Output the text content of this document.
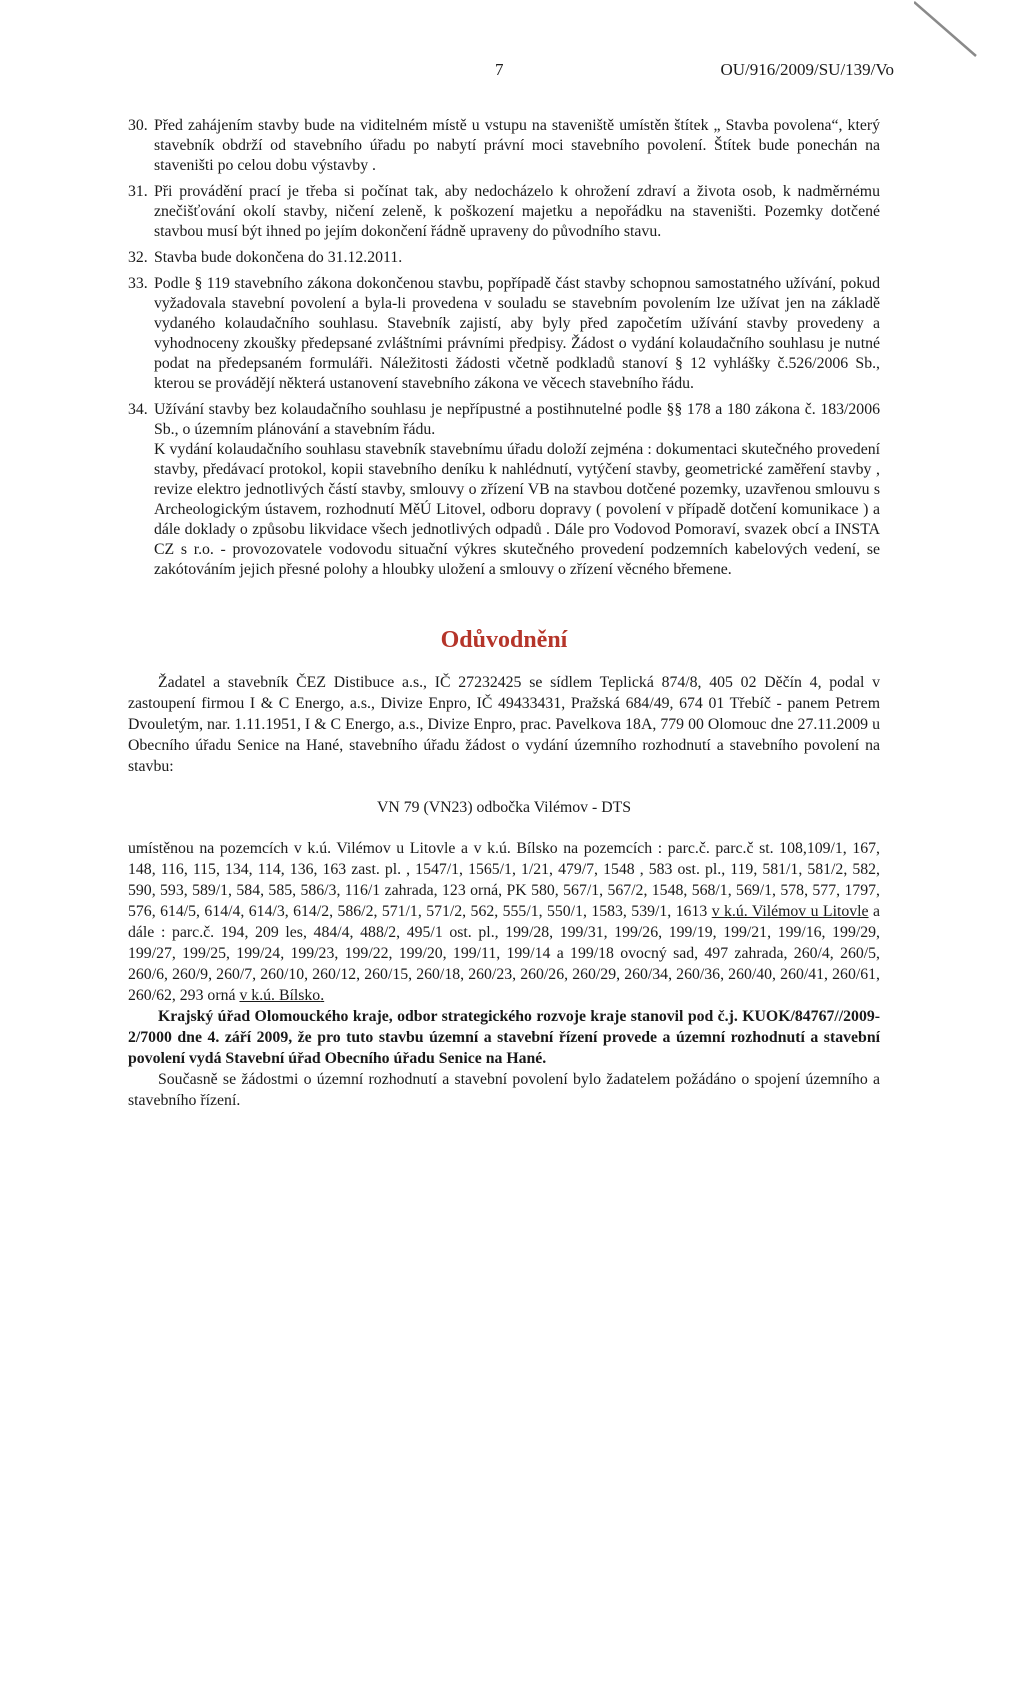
7	OU/916/2009/SU/139/Vo
30. Před zahájením stavby bude na viditelném místě u vstupu na staveniště umístěn štítek „ Stavba povolena“, který stavebník obdrží od stavebního úřadu po nabytí právní moci stavebního povolení. Štítek bude ponechán na staveništi po celou dobu výstavby .

31. Při provádění prací je třeba si počínat tak, aby nedocházelo k ohrožení zdraví a života osob, k nadměrnému znečišťování okolí stavby, ničení zeleně, k poškození majetku a nepořádku na staveništi. Pozemky dotčené stavbou musí být ihned po jejím dokončení řádně upraveny do původního stavu.

32. Stavba bude dokončena do 31.12.2011.

33. Podle § 119 stavebního zákona dokončenou stavbu, popřípadě část stavby schopnou samostatného užívání, pokud vyžadovala stavební povolení a byla-li provedena v souladu se stavebním povolením lze užívat jen na základě vydaného kolaudačního souhlasu. Stavebník zajistí, aby byly před započetím užívání stavby provedeny a vyhodnoceny zkoušky předepsané zvláštními právními předpisy. Žádost o vydání kolaudačního souhlasu je nutné podat na předepsaném formuláři. Náležitosti žádosti včetně podkladů stanoví § 12 vyhlášky č.526/2006 Sb., kterou se provádějí některá ustanovení stavebního zákona ve věcech stavebního řádu.

34. Užívání stavby bez kolaudačního souhlasu je nepřípustné a postihnutelné podle §§ 178 a 180 zákona č. 183/2006 Sb., o územním plánování a stavebním řádu.

K vydání kolaudačního souhlasu stavebník stavebnímu úřadu doloží zejména : dokumentaci skutečného provedení stavby, předávací protokol, kopii stavebního deníku k nahlédnutí, vytýčení stavby, geometrické zaměření stavby , revize elektro jednotlivých částí stavby, smlouvy o zřízení VB na stavbou dotčené pozemky, uzavřenou smlouvu s Archeologickým ústavem, rozhodnutí MěÚ Litovel, odboru dopravy ( povolení v případě dotčení komunikace ) a dále doklady o způsobu likvidace všech jednotlivých odpadů . Dále pro Vodovod Pomoraví, svazek obcí a INSTA CZ s r.o. - provozovatele vodovodu situační výkres skutečného provedení podzemních kabelových vedení, se zakótováním jejich přesné polohy a hloubky uložení a smlouvy o zřízení věcného břemene.

Odůvodnění

Žadatel a stavebník ČEZ Distibuce a.s., IČ 27232425 se sídlem Teplická 874/8, 405 02 Děčín 4, podal v zastoupení firmou I & C Energo, a.s., Divize Enpro, IČ 49433431, Pražská 684/49, 674 01 Třebíč - panem Petrem Dvouletým, nar. 1.11.1951, I & C Energo, a.s., Divize Enpro, prac. Pavelkova 18A, 779 00 Olomouc dne 27.11.2009 u Obecního úřadu Senice na Hané, stavebního úřadu žádost o vydání územního rozhodnutí a stavebního povolení na stavbu:

VN 79 (VN23) odbočka Vilémov - DTS

umístěnou na pozemcích v k.ú. Vilémov u Litovle a v k.ú. Bílsko na pozemcích : parc.č. parc.č st. 108,109/1, 167, 148, 116, 115, 134, 114, 136, 163 zast. pl. , 1547/1, 1565/1, 1/21, 479/7, 1548 , 583 ost. pl., 119, 581/1, 581/2, 582, 590, 593, 589/1, 584, 585, 586/3, 116/1 zahrada, 123 orná, PK 580, 567/1, 567/2, 1548, 568/1, 569/1, 578, 577, 1797, 576, 614/5, 614/4, 614/3, 614/2, 586/2, 571/1, 571/2, 562, 555/1, 550/1, 1583, 539/1, 1613 v k.ú. Vilémov u Litovle a dále : parc.č. 194, 209 les, 484/4, 488/2, 495/1 ost. pl., 199/28, 199/31, 199/26, 199/19, 199/21, 199/16, 199/29, 199/27, 199/25, 199/24, 199/23, 199/22, 199/20, 199/11, 199/14 a 199/18 ovocný sad, 497 zahrada, 260/4, 260/5, 260/6, 260/9, 260/7, 260/10, 260/12, 260/15, 260/18, 260/23, 260/26, 260/29, 260/34, 260/36, 260/40, 260/41, 260/61, 260/62, 293 orná v k.ú. Bílsko.

Krajský úřad Olomouckého kraje, odbor strategického rozvoje kraje stanovil pod č.j. KUOK/84767//2009-2/7000 dne 4. září 2009, že pro tuto stavbu územní a stavební řízení provede a územní rozhodnutí a stavební povolení vydá Stavební úřad Obecního úřadu Senice na Hané.

Současně se žádostmi o územní rozhodnutí a stavební povolení bylo žadatelem požádáno o spojení územního a stavebního řízení.
